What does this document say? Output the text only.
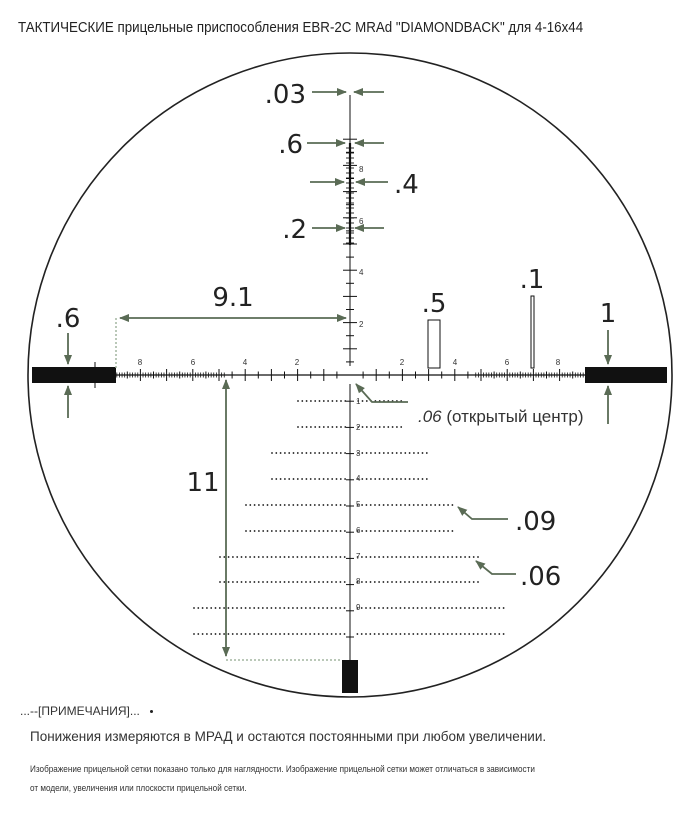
ТАКТИЧЕСКИЕ прицельные приспособления EBR-2C MRAd "DIAMONDBACK" для 4-16x44
8	6	4	2	2	4	6	8
8
6
4
2
1
2
3
4
5
6
7
8
9
.03
.6
.4
.2
.6
9.1	.5
.1
1
11
.06 (открытый центр)
.09
.06
...--[ПРИМЕЧАНИЯ]...
Понижения измеряются в МРАД и остаются постоянными при любом увеличении.
Изображение прицельной сетки показано только для наглядности. Изображение прицельной сетки может отличаться в зависимости
от модели, увеличения или плоскости прицельной сетки.
